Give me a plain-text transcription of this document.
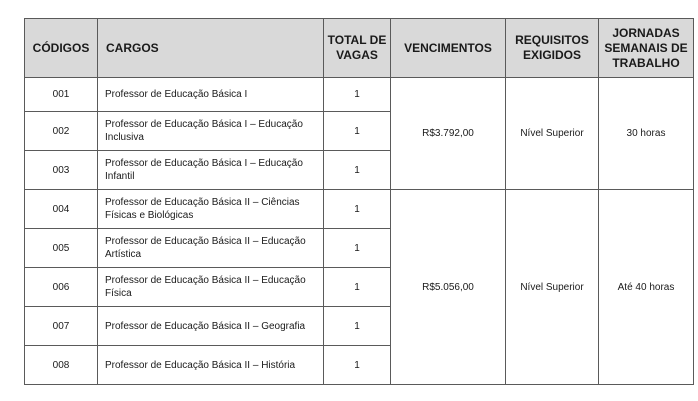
CÓDIGOS	CARGOS	TOTAL DE VAGAS	VENCIMENTOS	REQUISITOS EXIGIDOS	JORNADAS SEMANAIS DE TRABALHO
001	Professor de Educação Básica I	1	R$3.792,00	Nível Superior	30 horas
002	Professor de Educação Básica I – Educação Inclusiva	1			
003	Professor de Educação Básica I – Educação Infantil	1			
004	Professor de Educação Básica II – Ciências Físicas e Biológicas	1	R$5.056,00	Nível Superior	Até 40 horas
005	Professor de Educação Básica II – Educação Artística	1			
006	Professor de Educação Básica II – Educação Física	1			
007	Professor de Educação Básica II – Geografia	1			
008	Professor de Educação Básica II – História	1			
